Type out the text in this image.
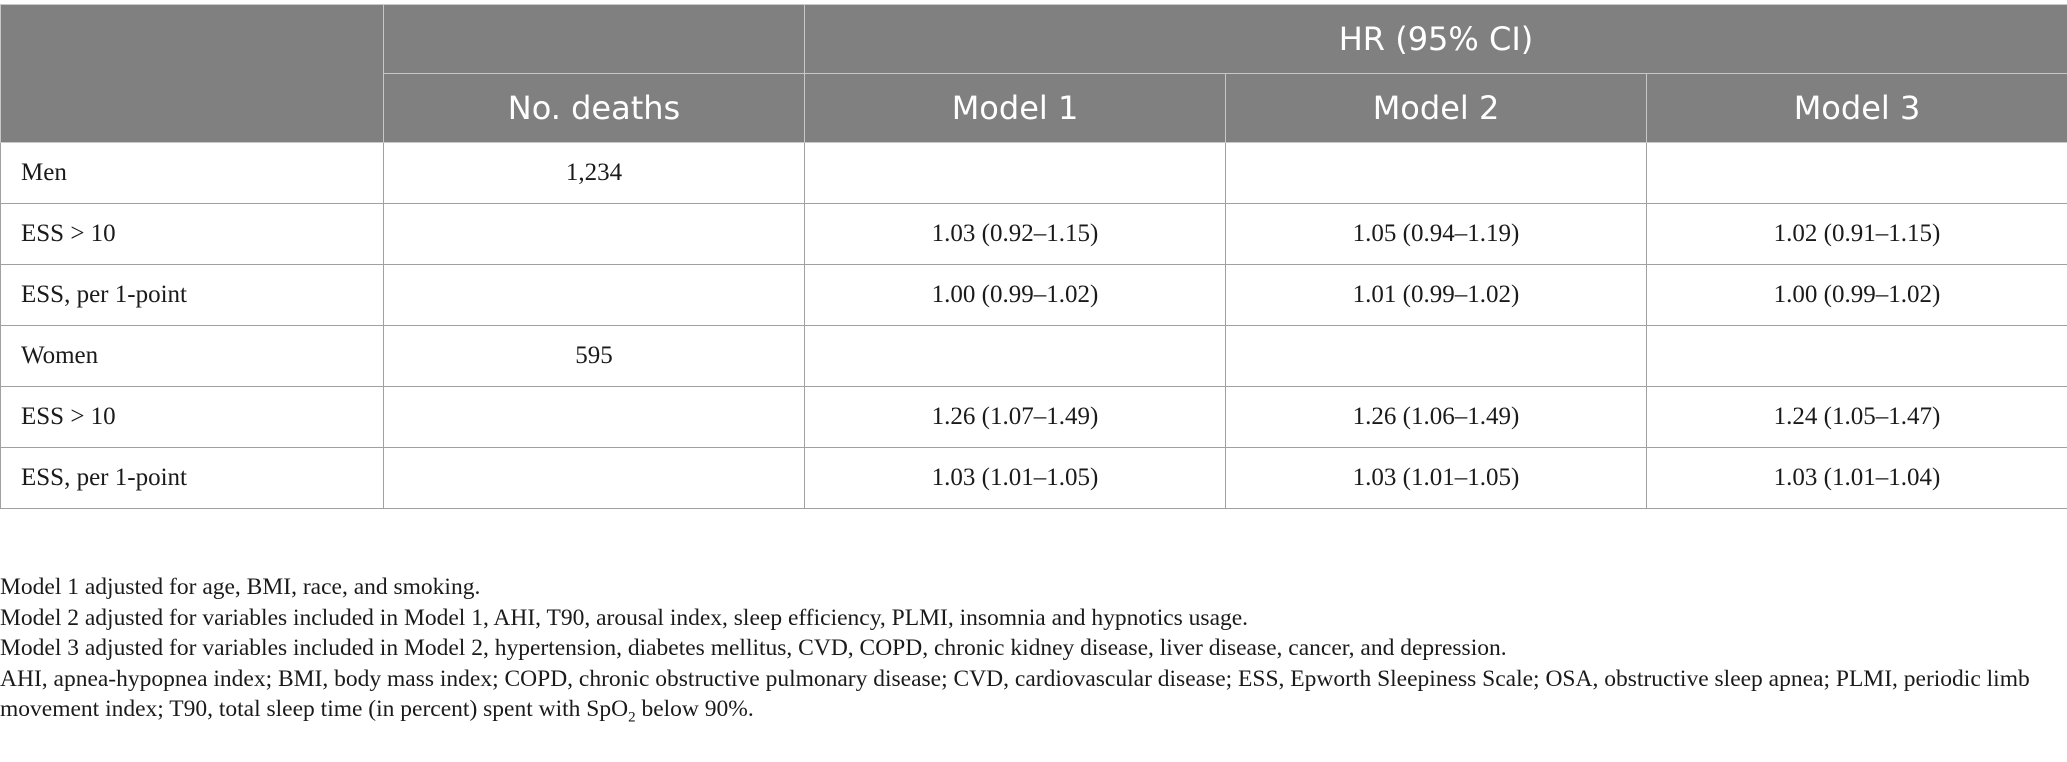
		HR (95% CI)		
	No. deaths	Model 1	Model 2	Model 3
Men	1,234			
ESS > 10		1.03 (0.92–1.15)	1.05 (0.94–1.19)	1.02 (0.91–1.15)
ESS, per 1-point		1.00 (0.99–1.02)	1.01 (0.99–1.02)	1.00 (0.99–1.02)
Women	595			
ESS > 10		1.26 (1.07–1.49)	1.26 (1.06–1.49)	1.24 (1.05–1.47)
ESS, per 1-point		1.03 (1.01–1.05)	1.03 (1.01–1.05)	1.03 (1.01–1.04)

Model 1 adjusted for age, BMI, race, and smoking.

Model 2 adjusted for variables included in Model 1, AHI, T90, arousal index, sleep efficiency, PLMI, insomnia and hypnotics usage.

Model 3 adjusted for variables included in Model 2, hypertension, diabetes mellitus, CVD, COPD, chronic kidney disease, liver disease, cancer, and depression.

AHI, apnea-hypopnea index; BMI, body mass index; COPD, chronic obstructive pulmonary disease; CVD, cardiovascular disease; ESS, Epworth Sleepiness Scale; OSA, obstructive sleep apnea; PLMI, periodic limb movement index; T90, total sleep time (in percent) spent with SpO$_2$ below 90%.
